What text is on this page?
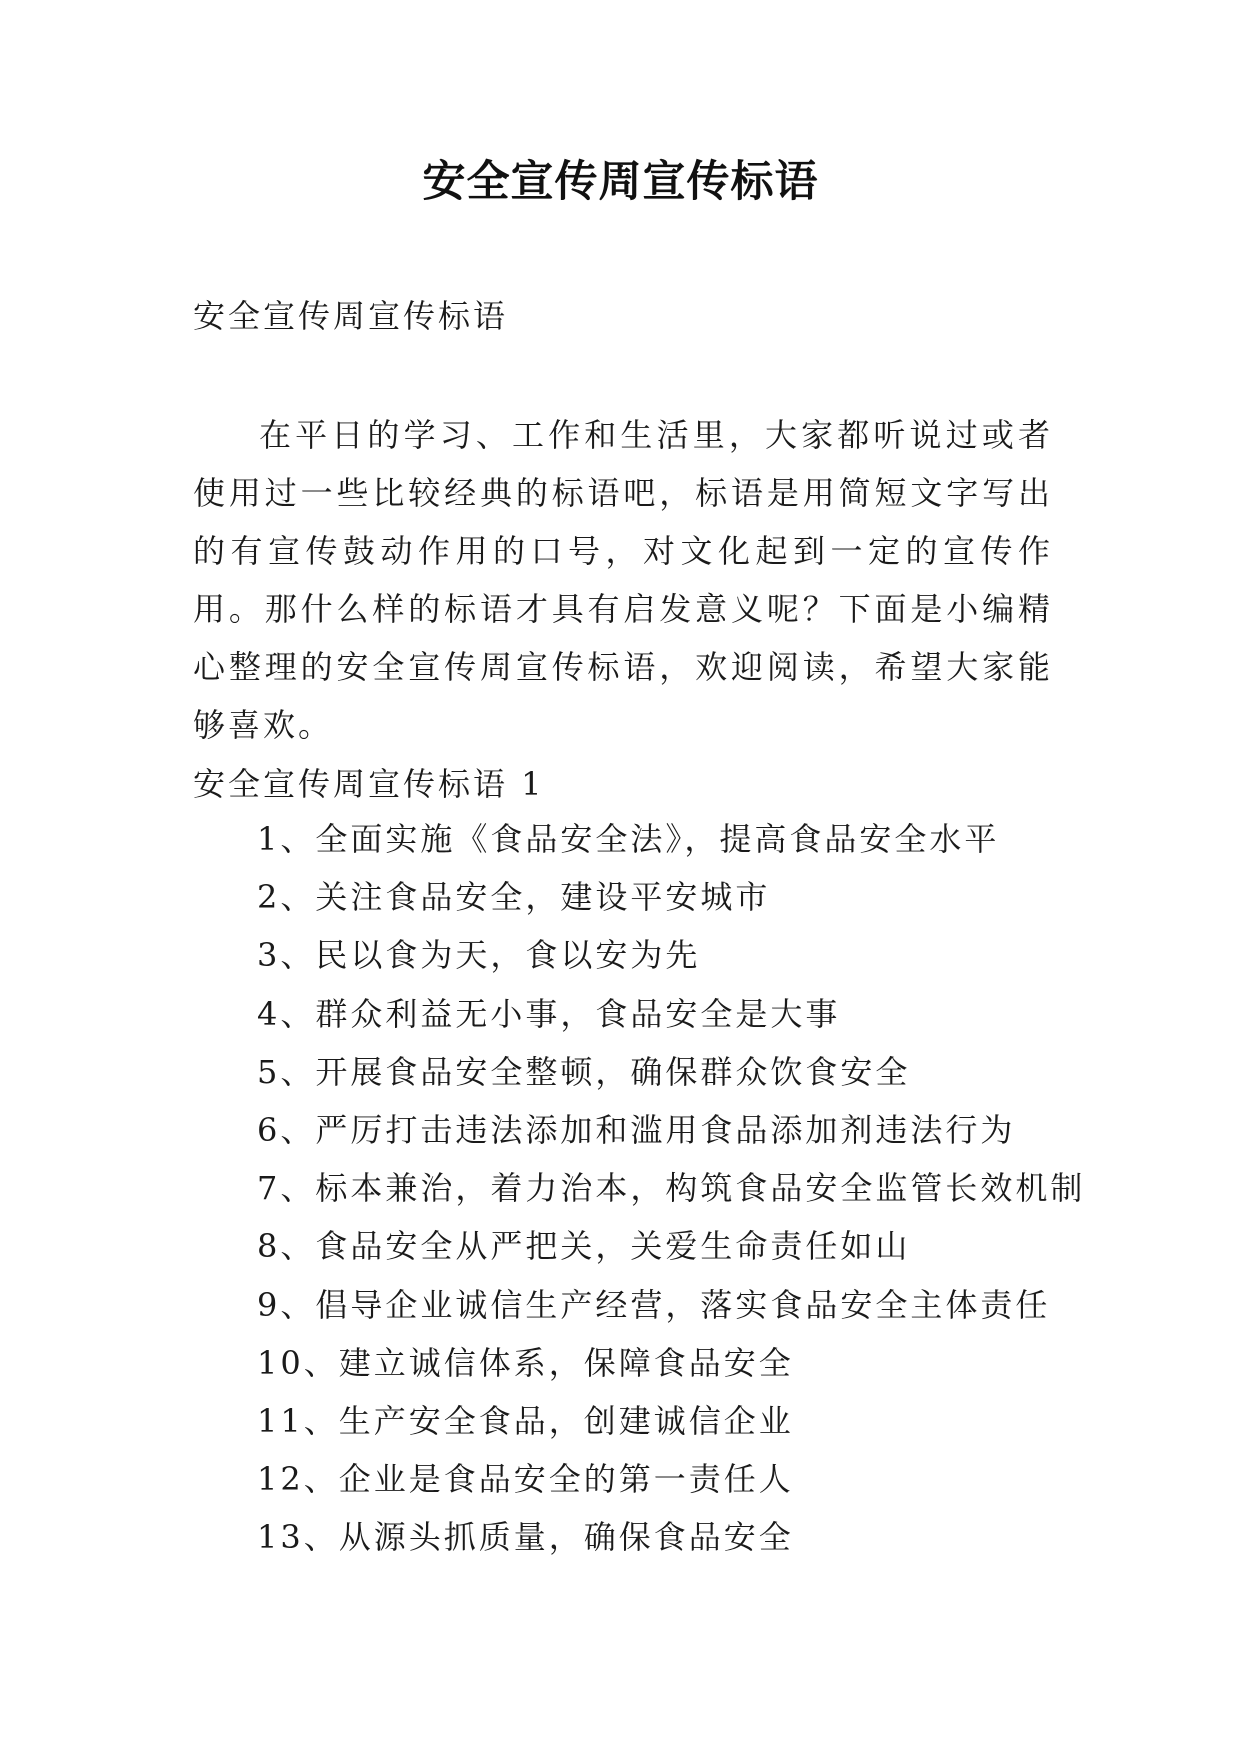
安全宣传周宣传标语
安全宣传周宣传标语
在平日的学习、工作和生活里，大家都听说过或者使用过一些比较经典的标语吧，标语是用简短文字写出的有宣传鼓动作用的口号，对文化起到一定的宣传作用。那什么样的标语才具有启发意义呢？下面是小编精心整理的安全宣传周宣传标语，欢迎阅读，希望大家能够喜欢。
安全宣传周宣传标语 1
1、全面实施《食品安全法》，提高食品安全水平
2、关注食品安全，建设平安城市
3、民以食为天，食以安为先
4、群众利益无小事，食品安全是大事
5、开展食品安全整顿，确保群众饮食安全
6、严厉打击违法添加和滥用食品添加剂违法行为
7、标本兼治，着力治本，构筑食品安全监管长效机制
8、食品安全从严把关，关爱生命责任如山
9、倡导企业诚信生产经营，落实食品安全主体责任
10、建立诚信体系，保障食品安全
11、生产安全食品，创建诚信企业
12、企业是食品安全的第一责任人
13、从源头抓质量，确保食品安全
